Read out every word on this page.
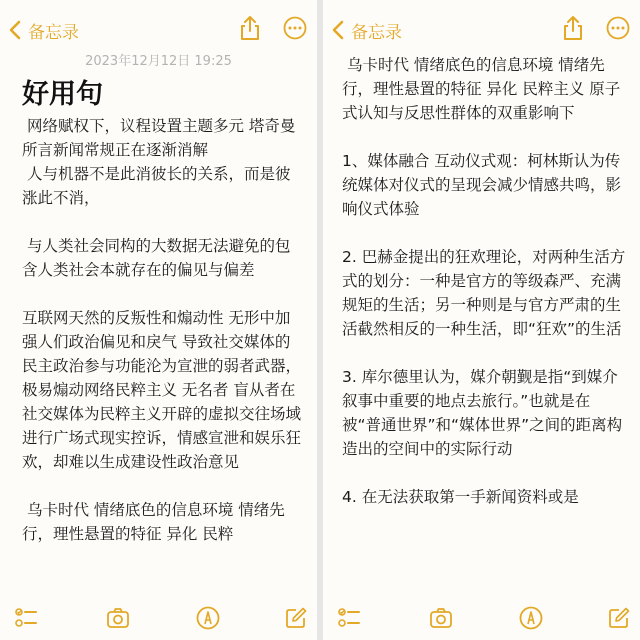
备忘录
2023年12月12日 19:25
好用句
网络赋权下，议程设置主题多元 塔奇曼所言新闻常规正在逐渐消解
人与机器不是此消彼长的关系，而是彼涨此不消，

与人类社会同构的大数据无法避免的包含人类社会本就存在的偏见与偏差

互联网天然的反叛性和煽动性 无形中加强人们政治偏见和戾气 导致社交媒体的民主政治参与功能沦为宣泄的弱者武器，极易煽动网络民粹主义 无名者 盲从者在社交媒体为民粹主义开辟的虚拟交往场域进行广场式现实控诉，情感宣泄和娱乐狂欢，却难以生成建设性政治意见

乌卡时代 情绪底色的信息环境 情绪先行，理性悬置的特征 异化 民粹
备忘录
乌卡时代 情绪底色的信息环境 情绪先行，理性悬置的特征 异化 民粹主义 原子式认知与反思性群体的双重影响下

1、媒体融合 互动仪式观：柯林斯认为传统媒体对仪式的呈现会减少情感共鸣，影响仪式体验

2. 巴赫金提出的狂欢理论，对两种生活方式的划分：一种是官方的等级森严、充满规矩的生活；另一种则是与官方严肃的生活截然相反的一种生活，即“狂欢”的生活

3. 库尔德里认为，媒介朝觐是指“到媒介叙事中重要的地点去旅行。”也就是在被“普通世界”和“媒体世界”之间的距离构造出的空间中的实际行动

4. 在无法获取第一手新闻资料或是
